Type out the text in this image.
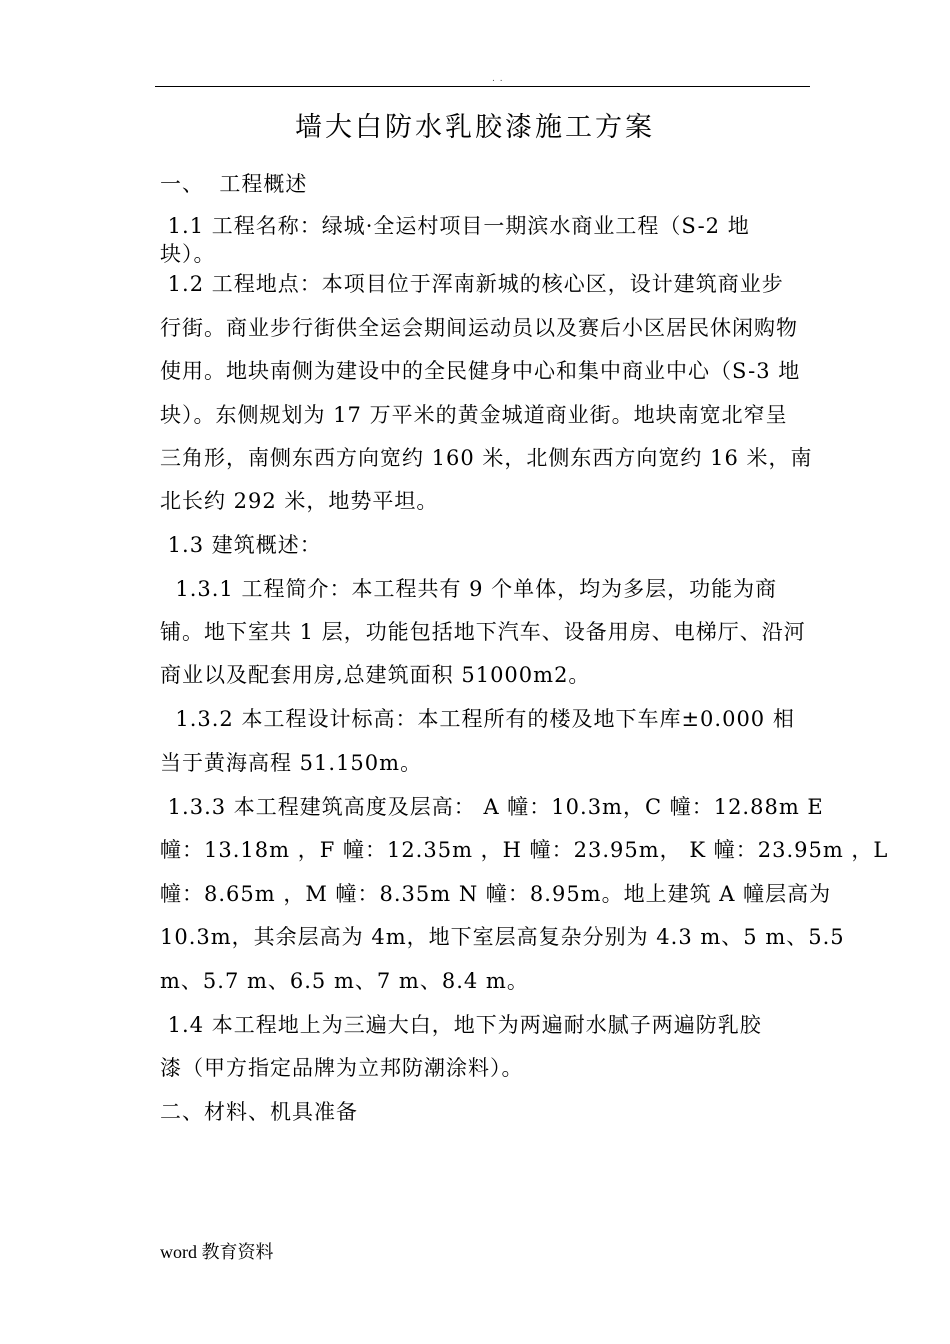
. .
墙大白防水乳胶漆施工方案
一、  工程概述
1.1 工程名称：绿城·全运村项目一期滨水商业工程（S-2 地
块）。
1.2 工程地点：本项目位于浑南新城的核心区，设计建筑商业步
行街。商业步行街供全运会期间运动员以及赛后小区居民休闲购物
使用。地块南侧为建设中的全民健身中心和集中商业中心（S-3 地
块）。东侧规划为 17 万平米的黄金城道商业街。地块南宽北窄呈
三角形，南侧东西方向宽约 160 米，北侧东西方向宽约 16 米，南
北长约 292 米，地势平坦。
1.3 建筑概述：
1.3.1 工程简介：本工程共有 9 个单体，均为多层，功能为商
铺。地下室共 1 层，功能包括地下汽车、设备用房、电梯厅、沿河
商业以及配套用房,总建筑面积 51000m2。
1.3.2 本工程设计标高：本工程所有的楼及地下车库±0.000 相
当于黄海高程 51.150m。
1.3.3 本工程建筑高度及层高： A 幢：10.3m，C 幢：12.88m E
幢：13.18m ，F 幢：12.35m ，H 幢：23.95m， K 幢：23.95m ，L
幢：8.65m ，M 幢：8.35m N 幢：8.95m。地上建筑 A 幢层高为
10.3m，其余层高为 4m，地下室层高复杂分别为 4.3 m、5 m、5.5
m、5.7 m、6.5 m、7 m、8.4 m。
1.4 本工程地上为三遍大白，地下为两遍耐水腻子两遍防乳胶
漆（甲方指定品牌为立邦防潮涂料）。
二、材料、机具准备
word 教育资料
